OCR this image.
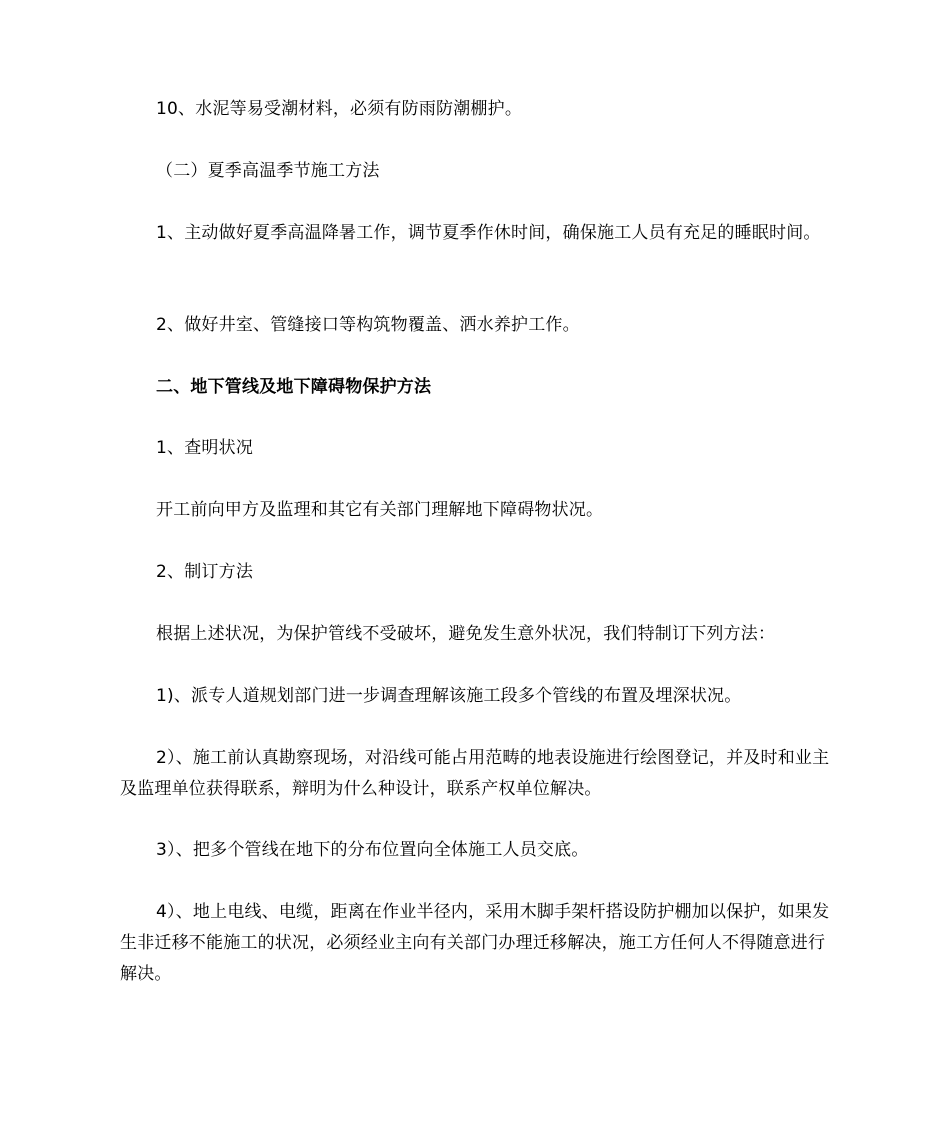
10、水泥等易受潮材料，必须有防雨防潮棚护。

（二）夏季高温季节施工方法

1、主动做好夏季高温降暑工作，调节夏季作休时间，确保施工人员有充足的睡眠时间。

2、做好井室、管缝接口等构筑物覆盖、洒水养护工作。

二、地下管线及地下障碍物保护方法

1、查明状况

开工前向甲方及监理和其它有关部门理解地下障碍物状况。

2、制订方法

根据上述状况，为保护管线不受破坏，避免发生意外状况，我们特制订下列方法：

1)、派专人道规划部门进一步调查理解该施工段多个管线的布置及埋深状况。

2）、施工前认真勘察现场，对沿线可能占用范畴的地表设施进行绘图登记，并及时和业主及监理单位获得联系，辩明为什么种设计，联系产权单位解决。

3）、把多个管线在地下的分布位置向全体施工人员交底。

4）、地上电线、电缆，距离在作业半径内，采用木脚手架杆搭设防护棚加以保护，如果发生非迁移不能施工的状况，必须经业主向有关部门办理迁移解决，施工方任何人不得随意进行解决。
